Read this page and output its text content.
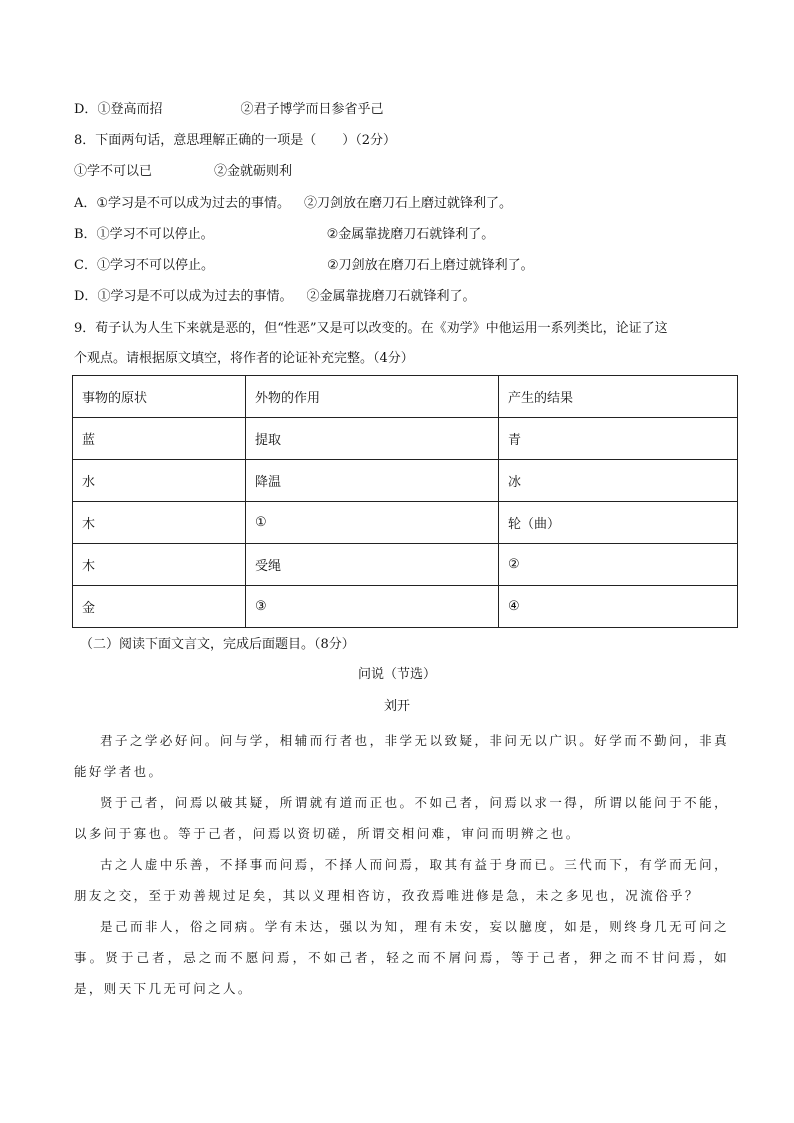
D．①登高而招	②君子博学而日参省乎己
8．下面两句话，意思理解正确的一项是（　　）（2分）
①学不可以已	②金就砺则利
A．①学习是不可以成为过去的事情。 ②刀剑放在磨刀石上磨过就锋利了。
B．①学习不可以停止。	②金属靠拢磨刀石就锋利了。
C．①学习不可以停止。	②刀剑放在磨刀石上磨过就锋利了。
D．①学习是不可以成为过去的事情。 ②金属靠拢磨刀石就锋利了。
9．荀子认为人生下来就是恶的，但“性恶”又是可以改变的。在《劝学》中他运用一系列类比，论证了这
个观点。请根据原文填空，将作者的论证补充完整。（4分）
事物的原状	外物的作用	产生的结果
蓝	提取	青
水	降温	冰
木	①	轮（曲）
木	受绳	②
金	③	④
（二）阅读下面文言文，完成后面题目。（8分）
问说（节选）
刘开
君子之学必好问。问与学，相辅而行者也，非学无以致疑，非问无以广识。好学而不勤问，非真能好学者也。
贤于己者，问焉以破其疑，所谓就有道而正也。不如己者，问焉以求一得，所谓以能问于不能，以多问于寡也。等于己者，问焉以资切磋，所谓交相问难，审问而明辨之也。
古之人虚中乐善，不择事而问焉，不择人而问焉，取其有益于身而已。三代而下，有学而无问，朋友之交，至于劝善规过足矣，其以义理相咨访，孜孜焉唯进修是急，未之多见也，况流俗乎？
是己而非人，俗之同病。学有未达，强以为知，理有未安，妄以臆度，如是，则终身几无可问之事。贤于己者，忌之而不愿问焉，不如己者，轻之而不屑问焉，等于己者，狎之而不甘问焉，如是，则天下几无可问之人。
